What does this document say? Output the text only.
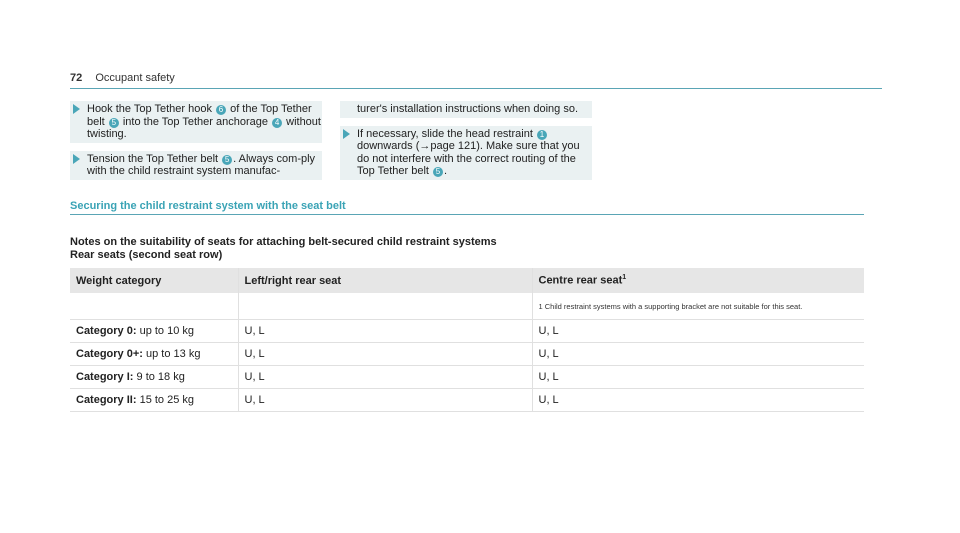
72 Occupant safety
Hook the Top Tether hook 6 of the Top Tether belt 5 into the Top Tether anchorage 4 without twisting.
Tension the Top Tether belt 5 . Always com-ply with the child restraint system manufac-
turer's installation instructions when doing so.
If necessary, slide the head restraint 1 downwards (→page 121). Make sure that you do not interfere with the correct routing of the Top Tether belt 5 .
Securing the child restraint system with the seat belt
Notes on the suitability of seats for attaching belt-secured child restraint systems
Rear seats (second seat row)
Weight category	Left/right rear seat	Centre rear seat$^1$
		1 Child restraint systems with a supporting bracket are not suitable for this seat.
Category 0: up to 10 kg	U, L	U, L
Category 0+: up to 13 kg	U, L	U, L
Category I: 9 to 18 kg	U, L	U, L
Category II: 15 to 25 kg	U, L	U, L
